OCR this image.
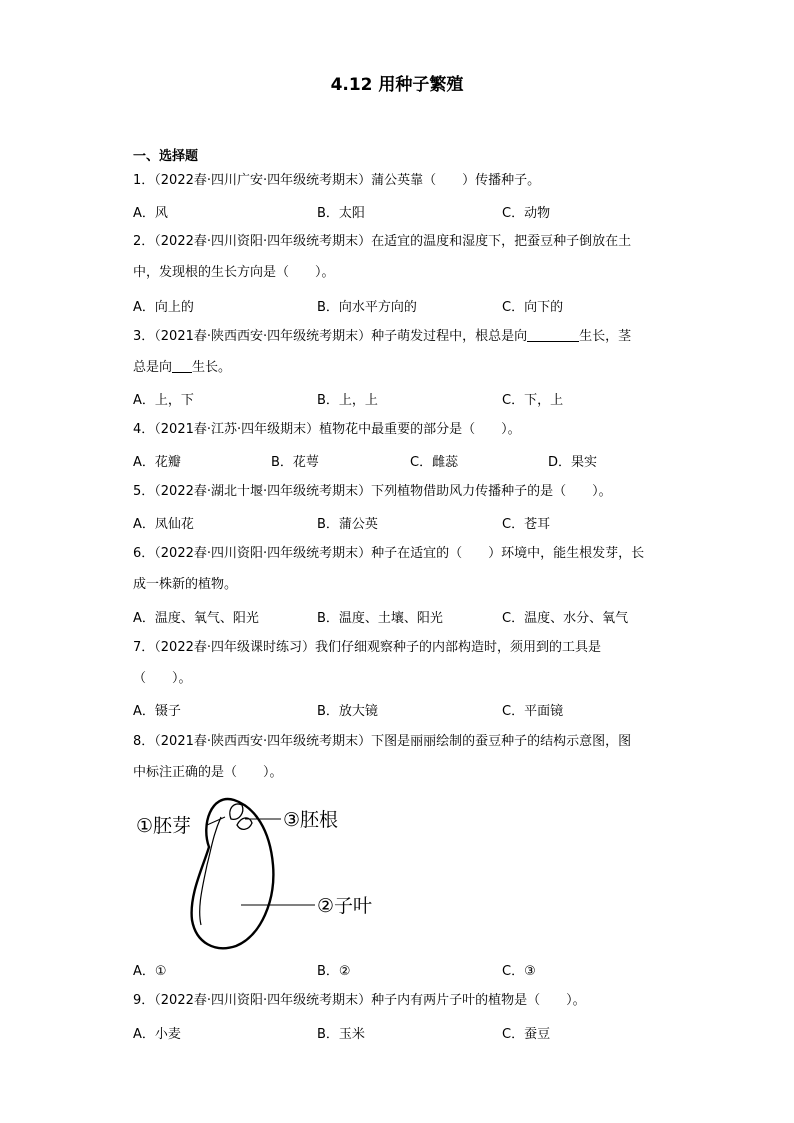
4.12 用种子繁殖
一、选择题
1．（2022春·四川广安·四年级统考期末）蒲公英靠（　　）传播种子。
A．风	B．太阳	C．动物
2．（2022春·四川资阳·四年级统考期末）在适宜的温度和湿度下，把蚕豆种子倒放在土
中，发现根的生长方向是（　　）。
A．向上的	B．向水平方向的	C．向下的
3．（2021春·陕西西安·四年级统考期末）种子萌发过程中，根总是向	生长，茎
总是向 生长。
A．上，下	B．上，上	C．下，上
4．（2021春·江苏·四年级期末）植物花中最重要的部分是（　　）。
A．花瓣	B．花萼	C．雌蕊	D．果实
5．（2022春·湖北十堰·四年级统考期末）下列植物借助风力传播种子的是（　　）。
A．凤仙花	B．蒲公英	C．苍耳
6．（2022春·四川资阳·四年级统考期末）种子在适宜的（　　）环境中，能生根发芽，长
成一株新的植物。
A．温度、氧气、阳光	B．温度、土壤、阳光	C．温度、水分、氧气
7．（2022春·四年级课时练习）我们仔细观察种子的内部构造时，须用到的工具是
（　　）。
A．镊子	B．放大镜	C．平面镜
8．（2021春·陕西西安·四年级统考期末）下图是丽丽绘制的蚕豆种子的结构示意图，图
中标注正确的是（　　）。
①胚芽	③胚根
②子叶
A．①	B．②	C．③
9．（2022春·四川资阳·四年级统考期末）种子内有两片子叶的植物是（　　）。
A．小麦	B．玉米	C．蚕豆
